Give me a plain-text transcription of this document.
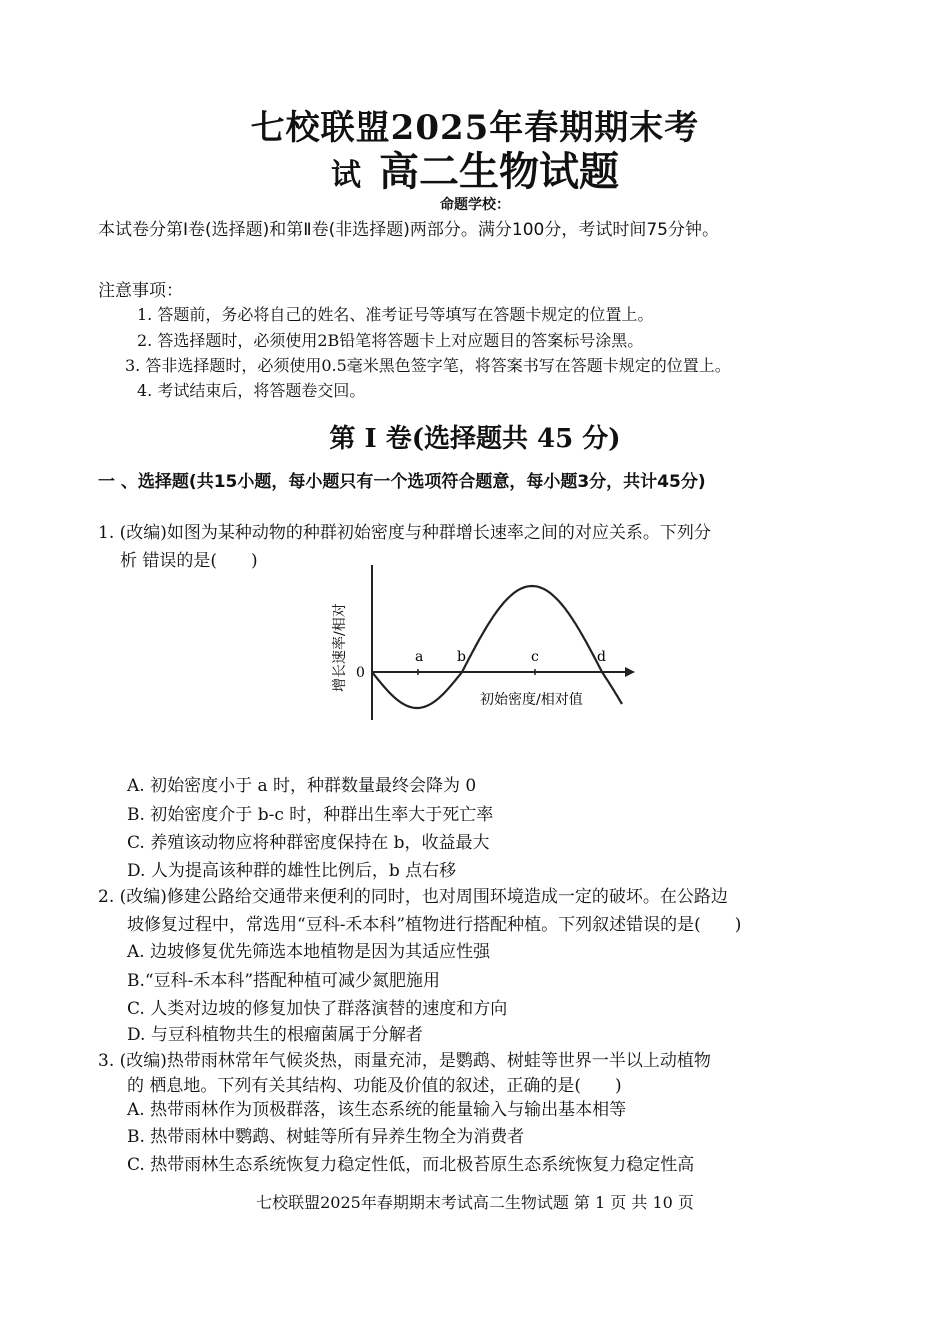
七校联盟2025年春期期末考
试 高二生物试题
命题学校：
本试卷分第Ⅰ卷(选择题)和第Ⅱ卷(非选择题)两部分。满分100分，考试时间75分钟。
注意事项：
1. 答题前，务必将自己的姓名、准考证号等填写在答题卡规定的位置上。
2. 答选择题时，必须使用2B铅笔将答题卡上对应题目的答案标号涂黑。
3. 答非选择题时，必须使用0.5毫米黑色签字笔，将答案书写在答题卡规定的位置上。
4. 考试结束后，将答题卷交回。
第 I 卷(选择题共 45 分)
一 、选择题(共15小题，每小题只有一个选项符合题意，每小题3分，共计45分)
1. (改编)如图为某种动物的种群初始密度与种群增长速率之间的对应关系。下列分
析 错误的是(　　)
增长速率/相对 0
a b	c	d
初始密度/相对值
A. 初始密度小于 a 时，种群数量最终会降为 0
B. 初始密度介于 b-c 时，种群出生率大于死亡率
C. 养殖该动物应将种群密度保持在 b，收益最大
D. 人为提高该种群的雄性比例后，b 点右移
2. (改编)修建公路给交通带来便利的同时，也对周围环境造成一定的破坏。在公路边
坡修复过程中，常选用“豆科-禾本科”植物进行搭配种植。下列叙述错误的是(　　)
A. 边坡修复优先筛选本地植物是因为其适应性强
B.“豆科-禾本科”搭配种植可减少氮肥施用
C. 人类对边坡的修复加快了群落演替的速度和方向
D. 与豆科植物共生的根瘤菌属于分解者
3. (改编)热带雨林常年气候炎热，雨量充沛，是鹦鹉、树蛙等世界一半以上动植物
的 栖息地。下列有关其结构、功能及价值的叙述，正确的是(　　)
A. 热带雨林作为顶极群落，该生态系统的能量输入与输出基本相等
B. 热带雨林中鹦鹉、树蛙等所有异养生物全为消费者
C. 热带雨林生态系统恢复力稳定性低，而北极苔原生态系统恢复力稳定性高
七校联盟2025年春期期末考试高二生物试题 第 1 页 共 10 页
